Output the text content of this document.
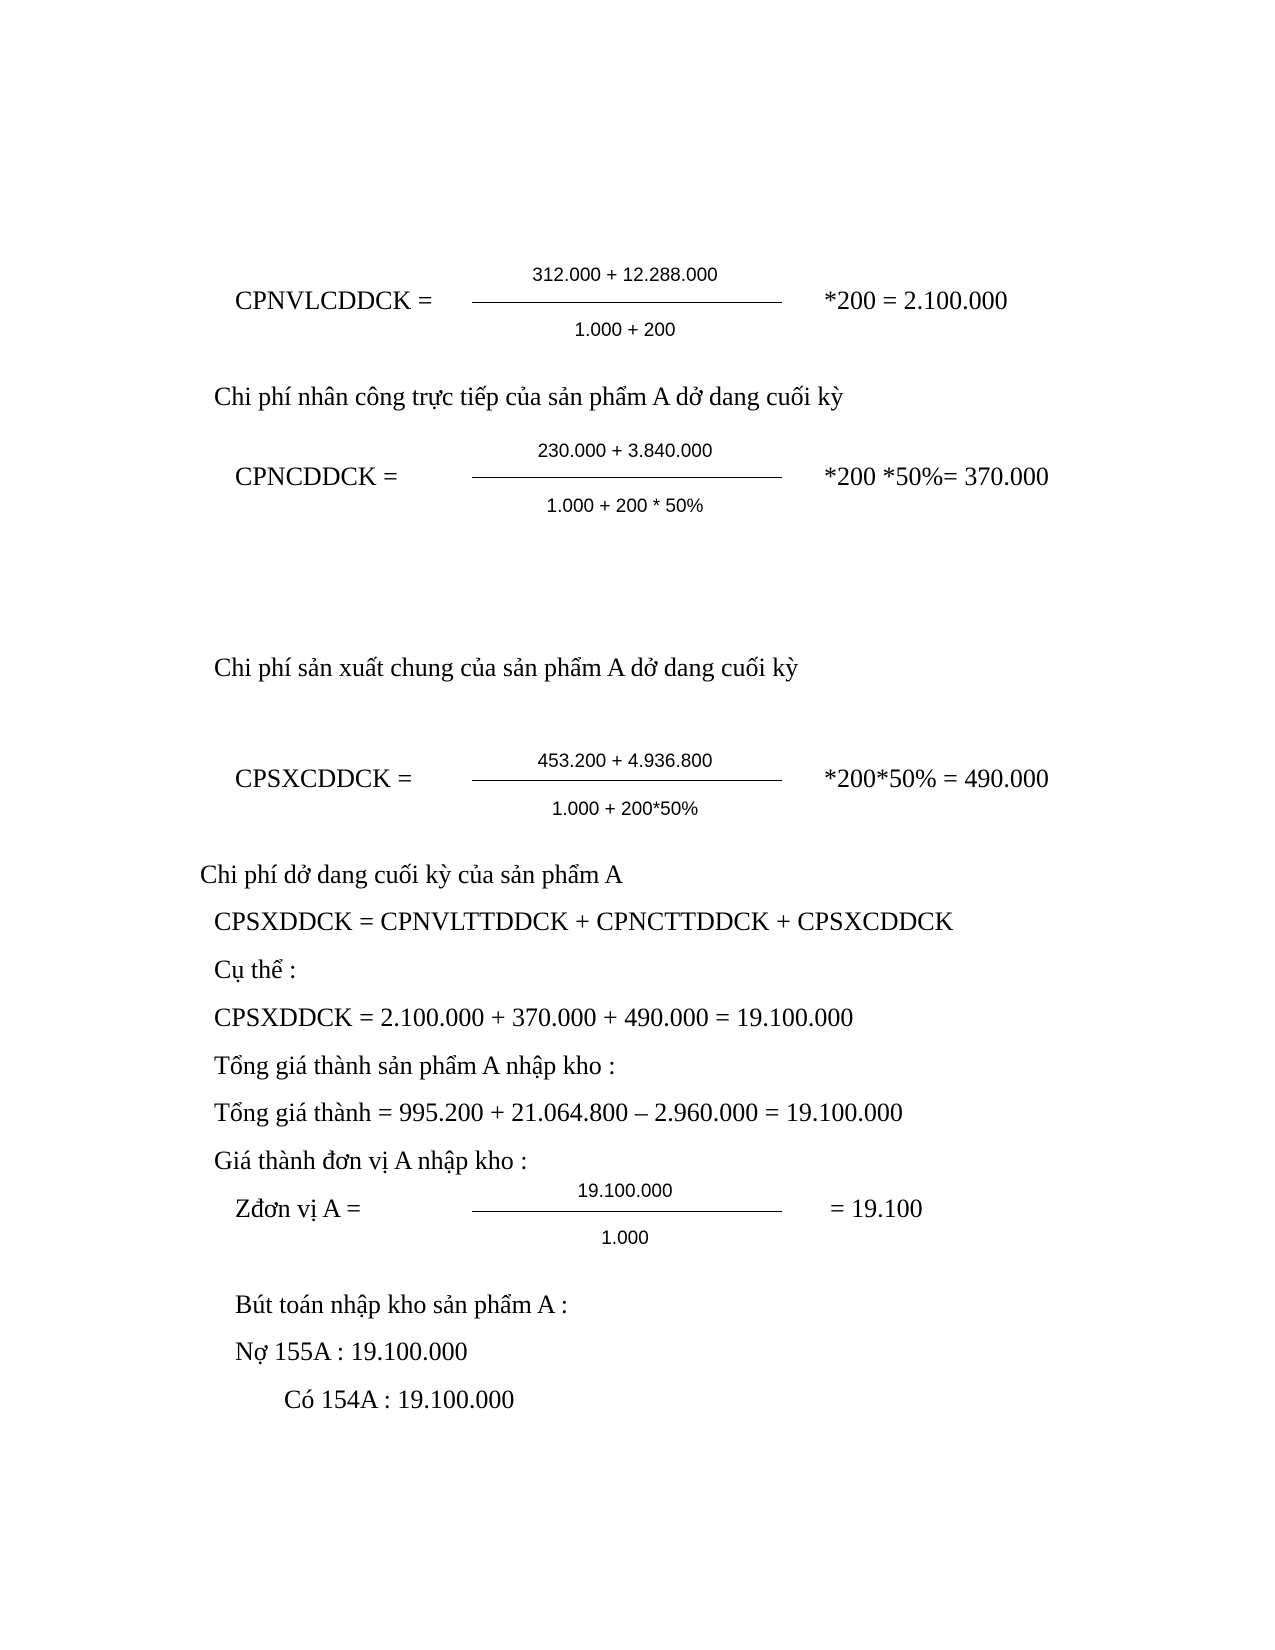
CPNVLCDDCK =
312.000 + 12.288.000
1.000 + 200
*200 = 2.100.000
Chi phí nhân công trực tiếp của sản phẩm A dở dang cuối kỳ
CPNCDDCK =
230.000 + 3.840.000
1.000 + 200 * 50%
*200 *50%= 370.000
Chi phí sản xuất chung của sản phẩm A dở dang cuối kỳ
CPSXCDDCK =
453.200 + 4.936.800
1.000 + 200*50%
*200*50% = 490.000
Chi phí dở dang cuối kỳ của sản phẩm A
CPSXDDCK = CPNVLTTDDCK + CPNCTTDDCK + CPSXCDDCK
Cụ thể :
CPSXDDCK = 2.100.000 + 370.000 + 490.000 = 19.100.000
Tổng giá thành sản phẩm A nhập kho :
Tổng giá thành = 995.200 + 21.064.800 – 2.960.000 = 19.100.000
Giá thành đơn vị A nhập kho :
Zđơn vị A =
19.100.000
1.000
= 19.100
Bút toán nhập kho sản phẩm A :
Nợ 155A : 19.100.000
Có 154A : 19.100.000
